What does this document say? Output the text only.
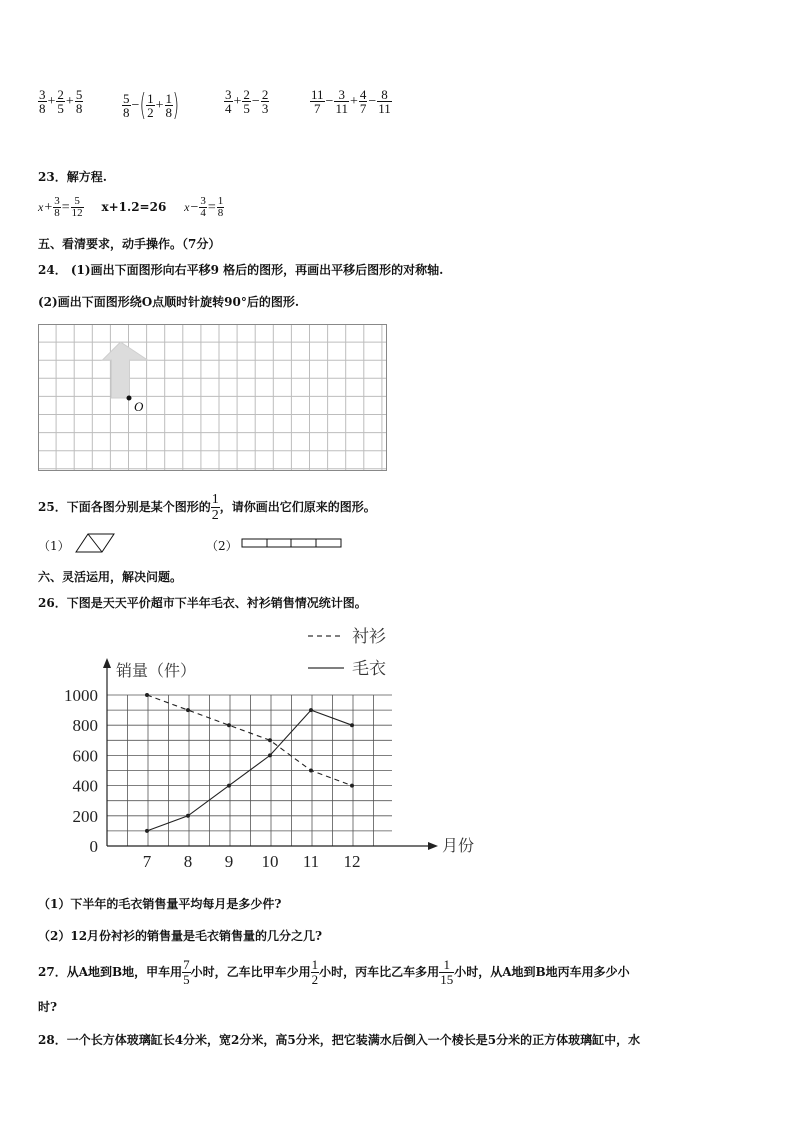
$\frac{3}{8} + \frac{2}{5} + \frac{5}{8}$	$\frac{5}{8}$ −( $\frac{1}{2} + \frac{1}{8}$ )	$\frac{3}{4} + \frac{2}{5} - \frac{2}{3}$	$\frac{11}{7} - \frac{3}{11} + \frac{4}{7} - \frac{8}{11}$
23．解方程.
$x+ \frac{3}{8} = \frac{5}{12} x+1.2=26$ $x- \frac{3}{4} = \frac{1}{8}$
五、看清要求，动手操作。（7分）
24． (1)画出下面图形向右平移9 格后的图形，再画出平移后图形的对称轴.
(2)画出下面图形绕O点顺时针旋转90°后的图形.
O
25．下面各图分别是某个图形的 $\frac{1}{2}$ ，请你画出它们原来的图形。
（1）	（2）
六、灵活运用，解决问题。
26．下图是天天平价超市下半年毛衣、衬衫销售情况统计图。
销量（件）
月份
0
200
400
600
800
1000
7 8 9 10 11 12
衬衫
毛衣
（1）下半年的毛衣销售量平均每月是多少件?
（2）12月份衬衫的销售量是毛衣销售量的几分之几?
27．从A地到B地，甲车用 $\frac{7}{5}$ 小时，乙车比甲车少用 $\frac{1}{2}$ 小时，丙车比乙车多用 $\frac{1}{15}$ 小时，从A地到B地丙车用多少小
时?
28．一个长方体玻璃缸长4分米，宽2分米，高5分米，把它装满水后倒入一个棱长是5分米的正方体玻璃缸中，水
